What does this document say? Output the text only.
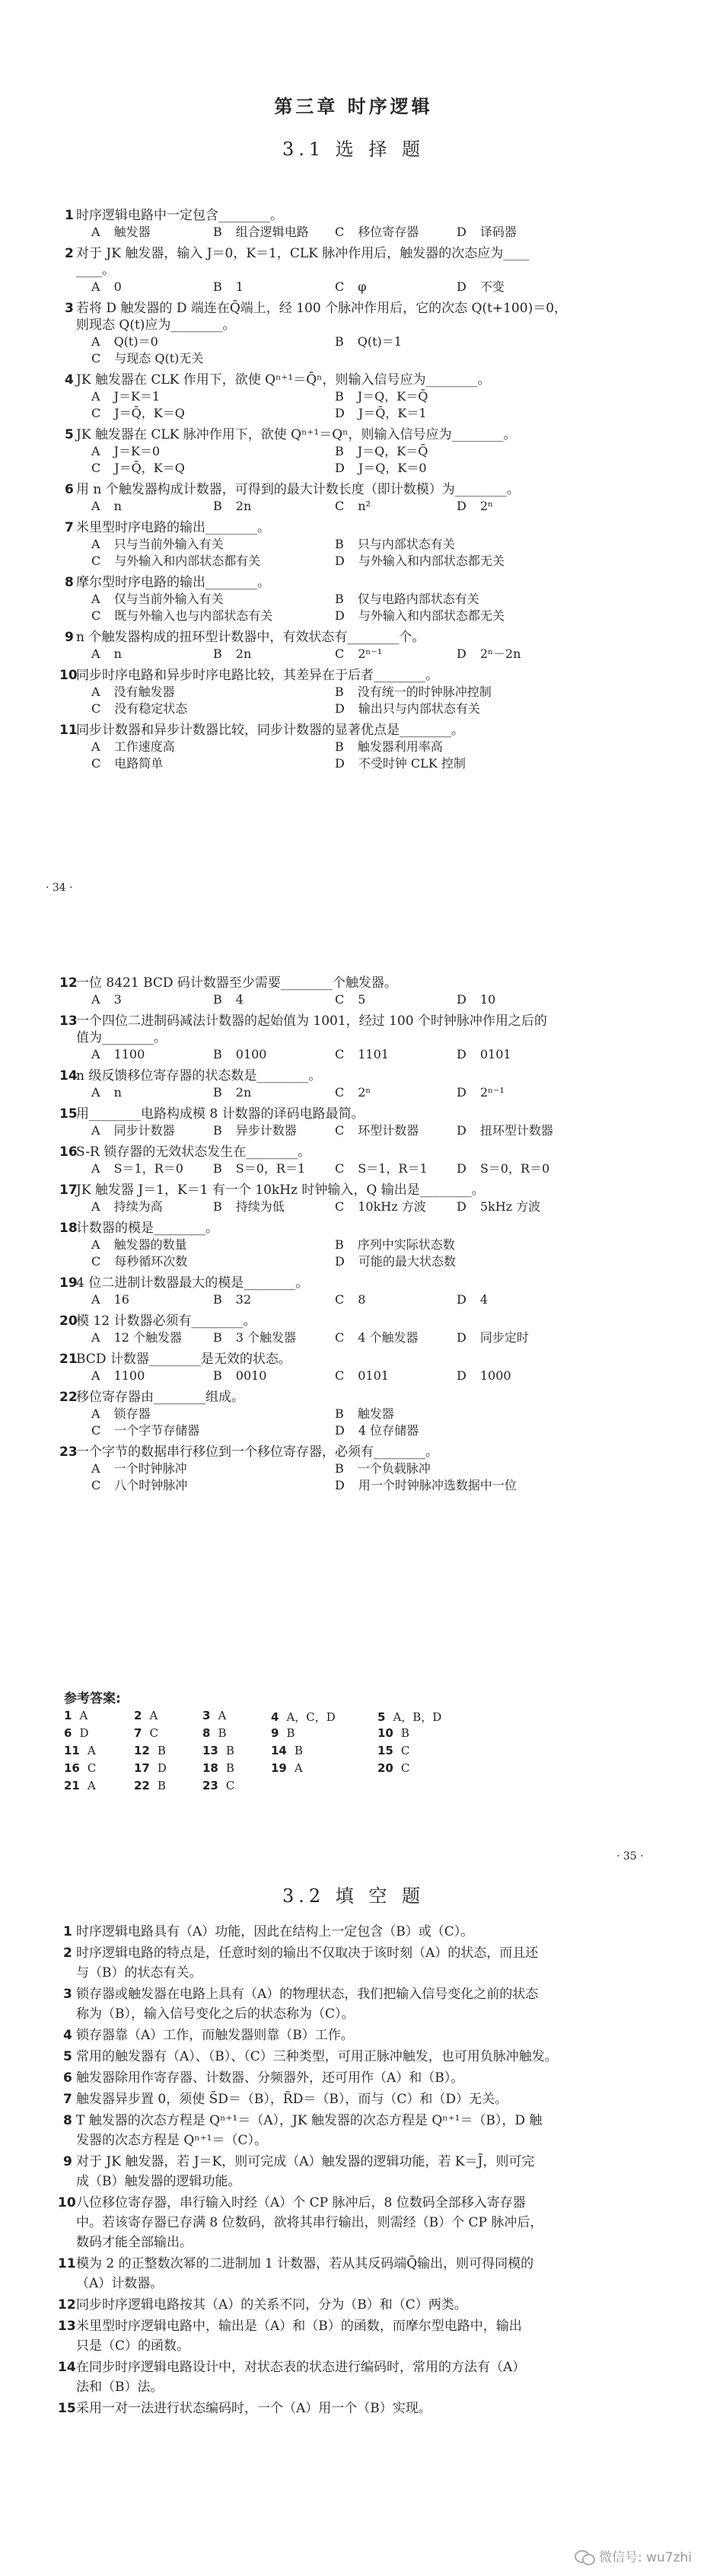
第三章 时序逻辑
3.1 选 择 题
1 时序逻辑电路中一定包含________。
A 触发器	B 组合逻辑电路 C 移位寄存器	D 译码器
2 对于 JK 触发器，输入 J＝0，K＝1，CLK 脉冲作用后，触发器的次态应为____
____。
A 0	B 1	C φ	D 不变
3 若将 D 触发器的 D 端连在Q̄端上，经 100 个脉冲作用后，它的次态 Q(t+100)＝0，
则现态 Q(t)应为________。
A Q(t)＝0	B Q(t)＝1
C 与现态 Q(t)无关
4 JK 触发器在 CLK 作用下，欲使 Qⁿ⁺¹＝Q̄ⁿ，则输入信号应为________。
A J＝K＝1	B J＝Q，K＝Q̄
C J＝Q̄，K＝Q	D J＝Q̄，K＝1
5 JK 触发器在 CLK 脉冲作用下，欲使 Qⁿ⁺¹＝Qⁿ，则输入信号应为________。
A J＝K＝0	B J＝Q，K＝Q̄
C J＝Q̄，K＝Q	D J＝Q，K＝0
6 用 n 个触发器构成计数器，可得到的最大计数长度（即计数模）为________。
A n	B 2n	C n²	D 2ⁿ
7 米里型时序电路的输出________。
A 只与当前外输入有关	B 只与内部状态有关
C 与外输入和内部状态都有关	D 与外输入和内部状态都无关
8 摩尔型时序电路的输出________。
A 仅与当前外输入有关	B 仅与电路内部状态有关
C 既与外输入也与内部状态有关	D 与外输入和内部状态都无关
9 n 个触发器构成的扭环型计数器中，有效状态有________个。
A n	B 2n	C 2ⁿ⁻¹	D 2ⁿ－2n
10
同步时序电路和异步时序电路比较，其差异在于后者________。
A 没有触发器	B 没有统一的时钟脉冲控制
C 没有稳定状态	D 输出只与内部状态有关
11
同步计数器和异步计数器比较，同步计数器的显著优点是________。
A 工作速度高	B 触发器利用率高
C 电路简单	D 不受时钟 CLK 控制
· 34 ·
12
一位 8421 BCD 码计数器至少需要________个触发器。
A 3	B 4	C 5	D 10
13
一个四位二进制码减法计数器的起始值为 1001，经过 100 个时钟脉冲作用之后的
值为________。
A 1100	B 0100	C 1101	D 0101
14
n 级反馈移位寄存器的状态数是________。
A n	B 2n	C 2ⁿ	D 2ⁿ⁻¹
15
用________电路构成模 8 计数器的译码电路最简。
A 同步计数器	B 异步计数器	C 环型计数器	D 扭环型计数器
16
S-R 锁存器的无效状态发生在________。
A S＝1，R＝0 B S＝0，R＝1 C S＝1，R＝1 D S＝0，R＝0
17
JK 触发器 J＝1，K＝1 有一个 10kHz 时钟输入，Q 输出是________。
A 持续为高	B 持续为低	C 10kHz 方波	D 5kHz 方波
18
计数器的模是________。
A 触发器的数量	B 序列中实际状态数
C 每秒循环次数	D 可能的最大状态数
19
4 位二进制计数器最大的模是________。
A 16	B 32	C 8	D 4
20
模 12 计数器必须有________。
A 12 个触发器	B 3 个触发器	C 4 个触发器	D 同步定时
21
BCD 计数器________是无效的状态。
A 1100	B 0010	C 0101	D 1000
22
移位寄存器由________组成。
A 锁存器	B 触发器
C 一个字节存储器	D 4 位存储器
23
一个字节的数据串行移位到一个移位寄存器，必须有________。
A 一个时钟脉冲	B 一个负载脉冲
C 八个时钟脉冲	D 用一个时钟脉冲选数据中一位
参考答案:
1 A	2 A	3 A	4 A，C，D	5 A，B，D
6 D	7 C	8 B	9 B	10 B
11 A	12 B	13 B	14 B	15 C
16 C	17 D	18 B	19 A	20 C
21 A	22 B	23 C
· 35 ·
3.2 填 空 题
1 时序逻辑电路具有（A）功能，因此在结构上一定包含（B）或（C）。
2 时序逻辑电路的特点是，任意时刻的输出不仅取决于该时刻（A）的状态，而且还
与（B）的状态有关。
3 锁存器或触发器在电路上具有（A）的物理状态，我们把输入信号变化之前的状态
称为（B），输入信号变化之后的状态称为（C）。
4 锁存器靠（A）工作，而触发器则靠（B）工作。
5 常用的触发器有（A）、（B）、（C）三种类型，可用正脉冲触发，也可用负脉冲触发。
6 触发器除用作寄存器、计数器、分频器外，还可用作（A）和（B）。
7 触发器异步置 0，须使 S̄D＝（B），R̄D＝（B），而与（C）和（D）无关。
8 T 触发器的次态方程是 Qⁿ⁺¹＝（A），JK 触发器的次态方程是 Qⁿ⁺¹＝（B），D 触
发器的次态方程是 Qⁿ⁺¹＝（C）。
9 对于 JK 触发器，若 J＝K，则可完成（A）触发器的逻辑功能，若 K＝J̄，则可完
成（B）触发器的逻辑功能。
10 八位移位寄存器，串行输入时经（A）个 CP 脉冲后，8 位数码全部移入寄存器
中。若该寄存器已存满 8 位数码，欲将其串行输出，则需经（B）个 CP 脉冲后，
数码才能全部输出。
11 模为 2 的正整数次幂的二进制加 1 计数器，若从其反码端Q̄输出，则可得同模的
（A）计数器。
12 同步时序逻辑电路按其（A）的关系不同，分为（B）和（C）两类。
13 米里型时序逻辑电路中，输出是（A）和（B）的函数，而摩尔型电路中，输出
只是（C）的函数。
14 在同步时序逻辑电路设计中，对状态表的状态进行编码时，常用的方法有（A）
法和（B）法。
15 采用一对一法进行状态编码时，一个（A）用一个（B）实现。
微信号: wu7zhi
